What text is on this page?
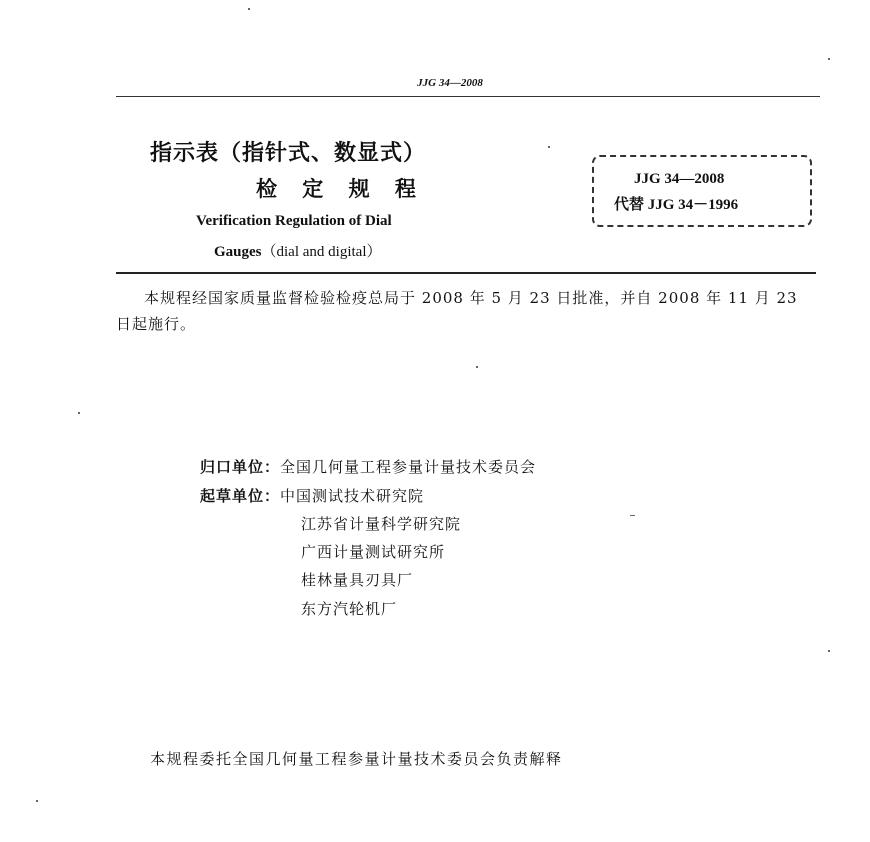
JJG 34—2008
指示表（指针式、数显式）
检 定 规 程
Verification Regulation of Dial
Gauges（dial and digital）
JJG 34—2008
代替 JJG 34－1996
本规程经国家质量监督检验检疫总局于 2008 年 5 月 23 日批准，并自 2008 年 11 月 23 日起施行。
归口单位：全国几何量工程参量计量技术委员会
起草单位：中国测试技术研究院
江苏省计量科学研究院
广西计量测试研究所
桂林量具刃具厂
东方汽轮机厂
本规程委托全国几何量工程参量计量技术委员会负责解释
